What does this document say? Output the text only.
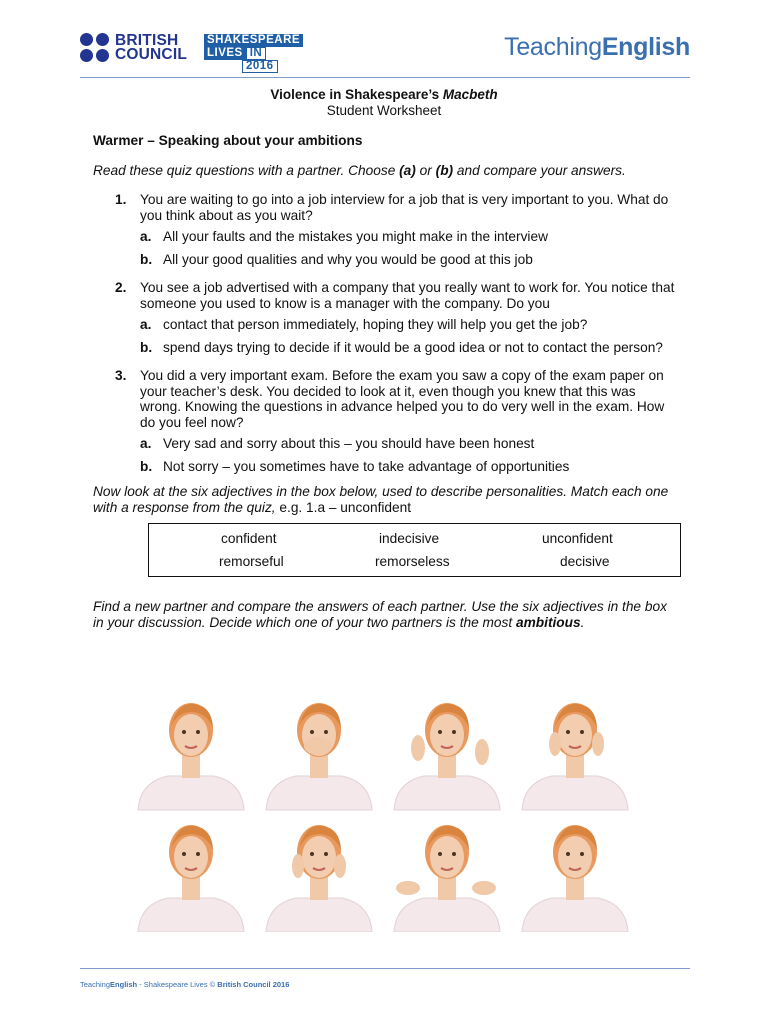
BRITISH
COUNCIL
SHAKESPEARE
LIVES IN
2016
TeachingEnglish
Violence in Shakespeare’s Macbeth
Student Worksheet
Warmer – Speaking about your ambitions
Read these quiz questions with a partner. Choose (a) or (b) and compare your answers.
1. You are waiting to go into a job interview for a job that is very important to you. What do you think about as you wait?
a. All your faults and the mistakes you might make in the interview
b. All your good qualities and why you would be good at this job
2. You see a job advertised with a company that you really want to work for. You notice that someone you used to know is a manager with the company. Do you
a. contact that person immediately, hoping they will help you get the job?
b. spend days trying to decide if it would be a good idea or not to contact the person?
3. You did a very important exam. Before the exam you saw a copy of the exam paper on your teacher’s desk. You decided to look at it, even though you knew that this was wrong. Knowing the questions in advance helped you to do very well in the exam. How do you feel now?
a. Very sad and sorry about this – you should have been honest
b. Not sorry – you sometimes have to take advantage of opportunities
Now look at the six adjectives in the box below, used to describe personalities. Match each one with a response from the quiz, e.g. 1.a – unconfident
confident	indecisive	unconfident
remorseful	remorseless	decisive
Find a new partner and compare the answers of each partner. Use the six adjectives in the box in your discussion. Decide which one of your two partners is the most ambitious.
TeachingEnglish - Shakespeare Lives © British Council 2016
